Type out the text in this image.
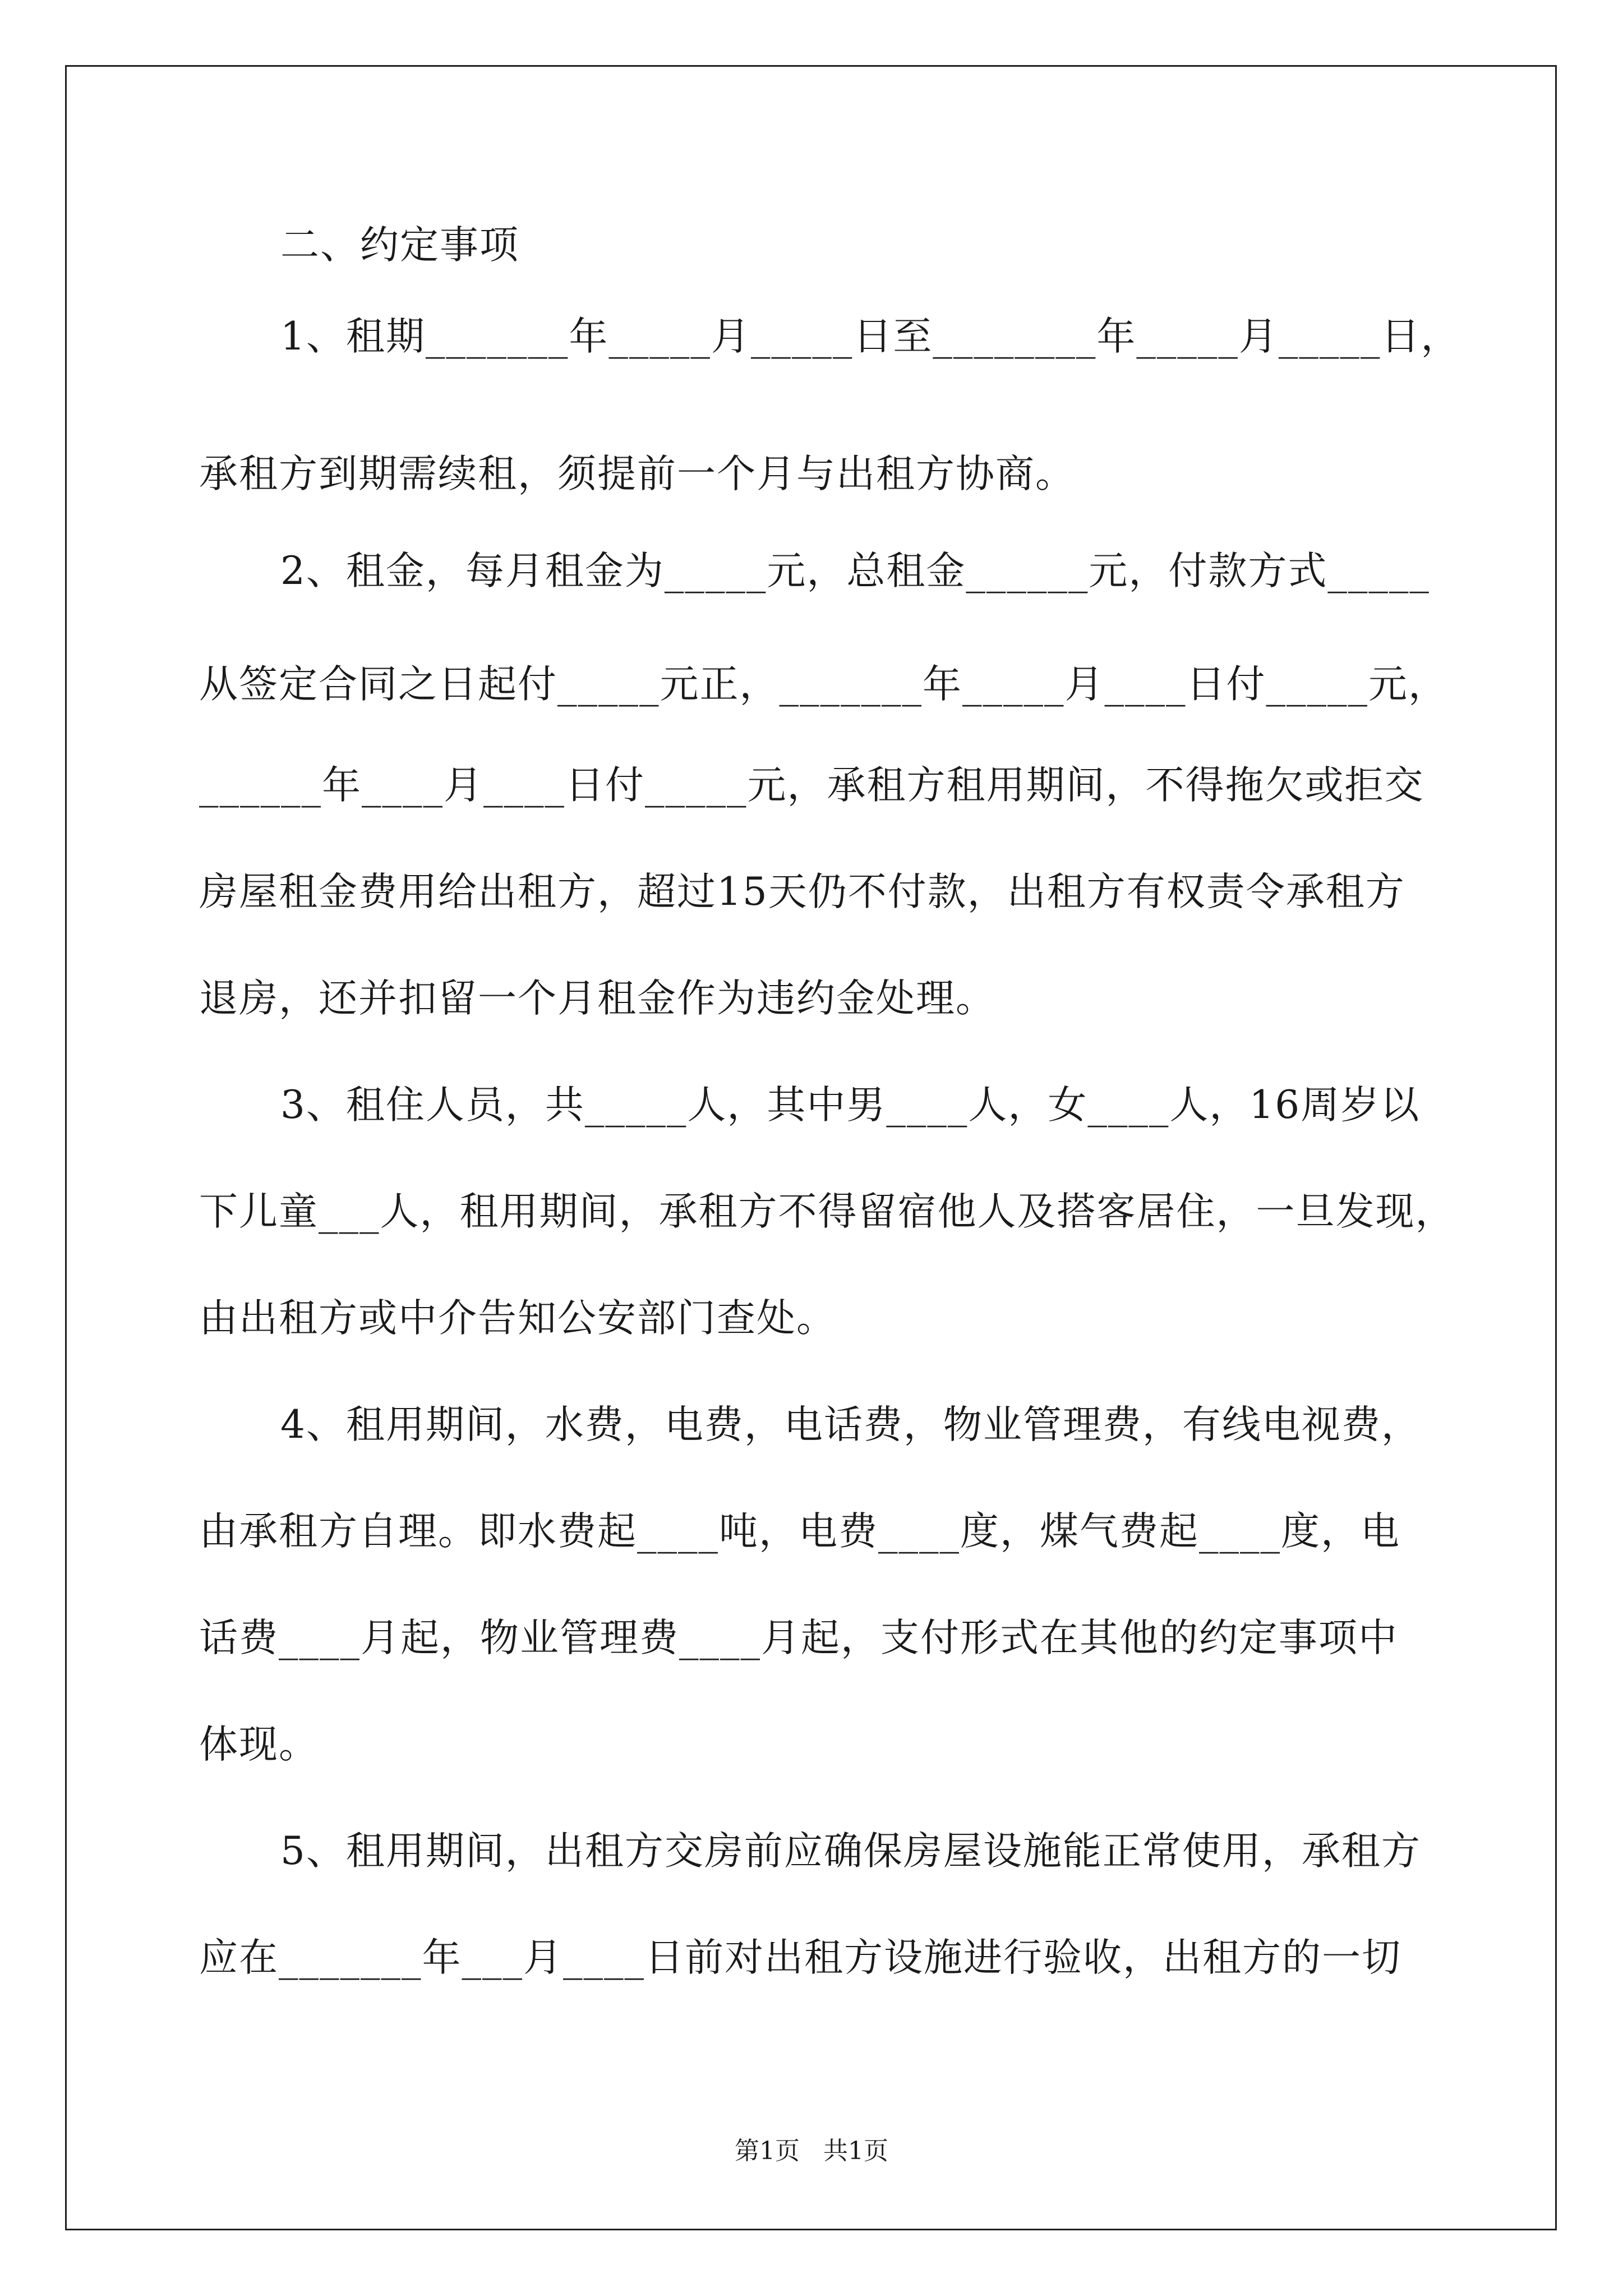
二、约定事项
1、租期_______年_____月_____日至________年_____月_____日，
承租方到期需续租，须提前一个月与出租方协商。
2、租金，每月租金为_____元，总租金______元，付款方式_____
从签定合同之日起付_____元正，_______年_____月____日付_____元，
______年____月____日付_____元，承租方租用期间，不得拖欠或拒交
房屋租金费用给出租方，超过15天仍不付款，出租方有权责令承租方
退房，还并扣留一个月租金作为违约金处理。
3、租住人员，共_____人，其中男____人，女____人，16周岁以
下儿童___人，租用期间，承租方不得留宿他人及搭客居住，一旦发现，
由出租方或中介告知公安部门查处。
4、租用期间，水费，电费，电话费，物业管理费，有线电视费，
由承租方自理。即水费起____吨，电费____度，煤气费起____度，电
话费____月起，物业管理费____月起，支付形式在其他的约定事项中
体现。
5、租用期间，出租方交房前应确保房屋设施能正常使用，承租方
应在_______年___月____日前对出租方设施进行验收，出租方的一切
第1页   共1页
